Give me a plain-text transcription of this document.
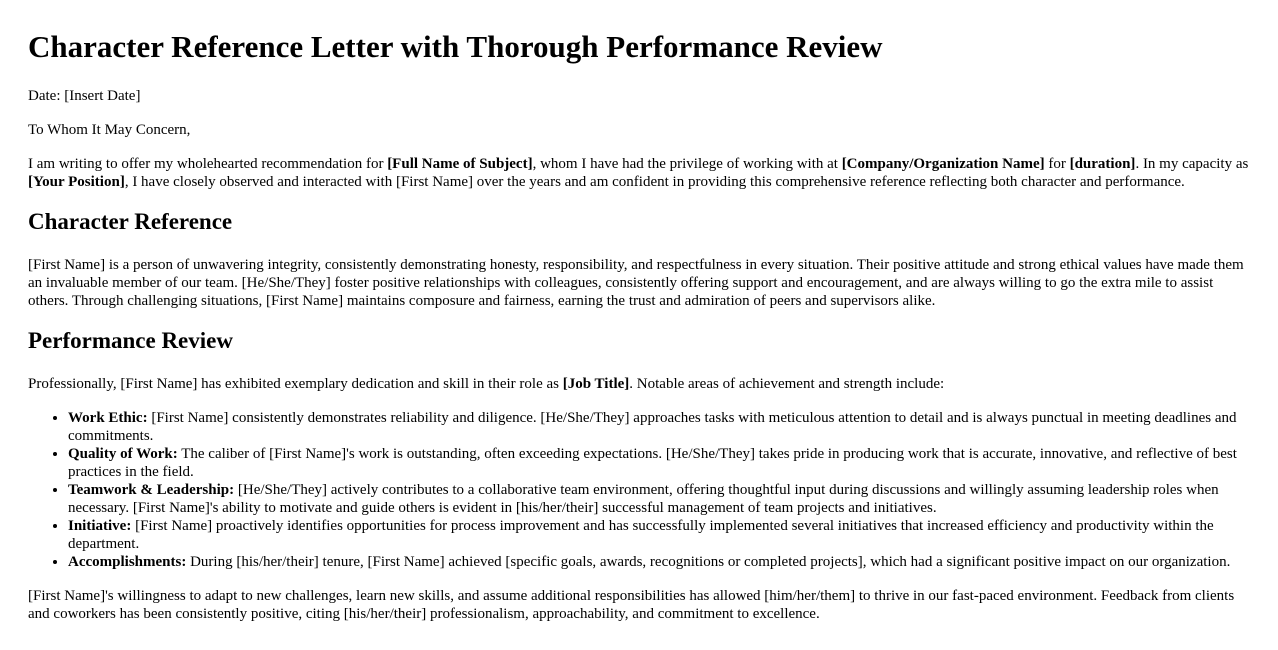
Character Reference Letter with Thorough Performance Review

Date: [Insert Date]

To Whom It May Concern,

I am writing to offer my wholehearted recommendation for [Full Name of Subject], whom I have had the privilege of working with at [Company/Organization Name] for [duration]. In my capacity as [Your Position], I have closely observed and interacted with [First Name] over the years and am confident in providing this comprehensive reference reflecting both character and performance.

Character Reference

[First Name] is a person of unwavering integrity, consistently demonstrating honesty, responsibility, and respectfulness in every situation. Their positive attitude and strong ethical values have made them an invaluable member of our team. [He/She/They] foster positive relationships with colleagues, consistently offering support and encouragement, and are always willing to go the extra mile to assist others. Through challenging situations, [First Name] maintains composure and fairness, earning the trust and admiration of peers and supervisors alike.

Performance Review

Professionally, [First Name] has exhibited exemplary dedication and skill in their role as [Job Title]. Notable areas of achievement and strength include:

• Work Ethic: [First Name] consistently demonstrates reliability and diligence. [He/She/They] approaches tasks with meticulous attention to detail and is always punctual in meeting deadlines and commitments.
• Quality of Work: The caliber of [First Name]'s work is outstanding, often exceeding expectations. [He/She/They] takes pride in producing work that is accurate, innovative, and reflective of best practices in the field.
• Teamwork & Leadership: [He/She/They] actively contributes to a collaborative team environment, offering thoughtful input during discussions and willingly assuming leadership roles when necessary. [First Name]'s ability to motivate and guide others is evident in [his/her/their] successful management of team projects and initiatives.
• Initiative: [First Name] proactively identifies opportunities for process improvement and has successfully implemented several initiatives that increased efficiency and productivity within the department.
• Accomplishments: During [his/her/their] tenure, [First Name] achieved [specific goals, awards, recognitions or completed projects], which had a significant positive impact on our organization.

[First Name]'s willingness to adapt to new challenges, learn new skills, and assume additional responsibilities has allowed [him/her/them] to thrive in our fast-paced environment. Feedback from clients and coworkers has been consistently positive, citing [his/her/their] professionalism, approachability, and commitment to excellence.
